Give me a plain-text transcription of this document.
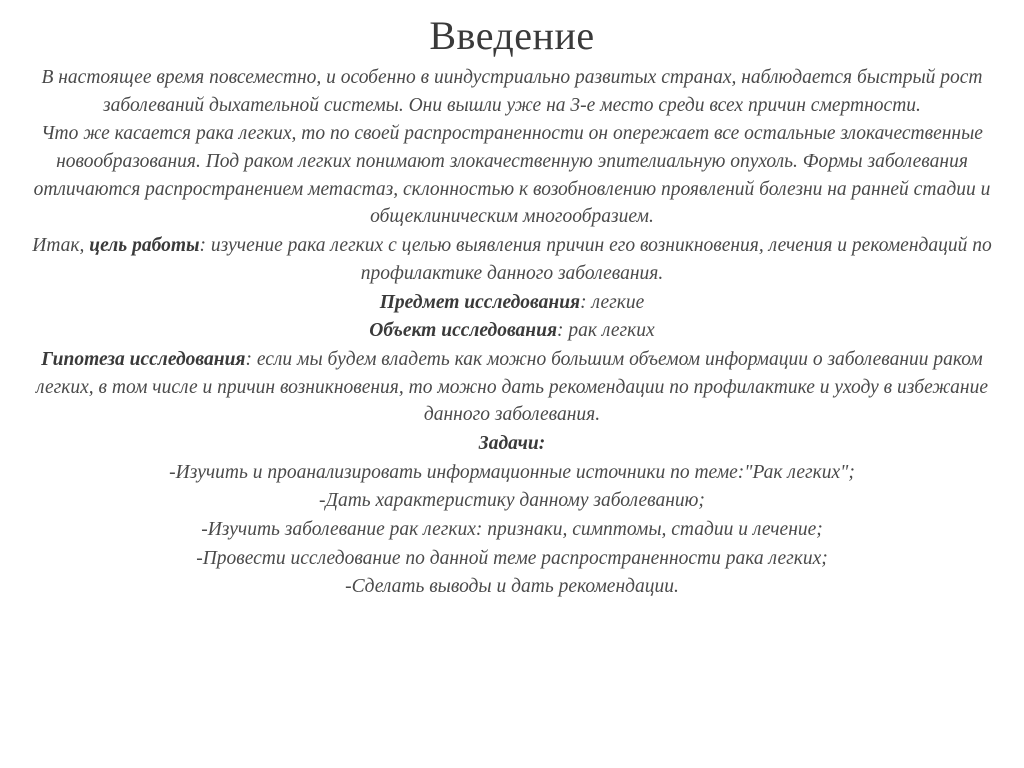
Введение

В настоящее время повсеместно, и особенно в ииндустриально развитых странах, наблюдается быстрый рост заболеваний дыхательной системы. Они вышли уже на 3-е место среди всех причин смертности.

Что же касается рака легких, то по своей распространенности он опережает все остальные злокачественные новообразования. Под раком легких понимают злокачественную эпителиальную опухоль. Формы заболевания отличаются распространением метастаз, склонностью к возобновлению проявлений болезни на ранней стадии и общеклиническим многообразием.

Итак, цель работы: изучение рака легких с целью выявления причин его возникновения, лечения и рекомендаций по профилактике данного заболевания.

Предмет исследования: легкие

Объект исследования: рак легких

Гипотеза исследования: если мы будем владеть как можно большим объемом информации о заболевании раком легких, в том числе и причин возникновения, то можно дать рекомендации по профилактике и уходу в избежание данного заболевания.

Задачи:

-Изучить и проанализировать информационные источники по теме:"Рак легких";

-Дать характеристику данному заболеванию;

-Изучить заболевание рак легких: признаки, симптомы, стадии и лечение;

-Провести исследование по данной теме распространенности рака легких;

-Сделать выводы и дать рекомендации.
